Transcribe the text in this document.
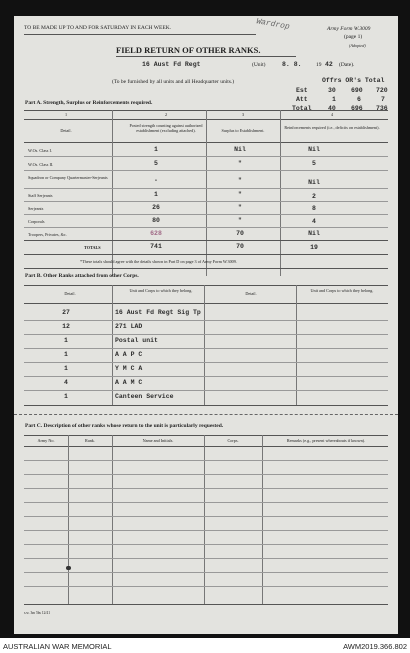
TO BE MADE UP TO AND FOR SATURDAY IN EACH WEEK.	Wardrop	Army Form W.3009
(page 1)
(Adopted)
FIELD RETURN OF OTHER RANKS.
16 Aust Fd Regt	(Unit)	8. 8.	19 42 (Date).
(To be furnished by all units and all Headquarter units.)	Offrs OR's Total
Est	30 690 720
Att	1	6	7
Total	40 696 736
Part A. Strength, Surplus or Reinforcements required.
1	2	3	4
Detail.
Posted strength counting against authorized establishment (excluding attached).	Surplus to Establishment.
Reinforcements required (i.e., deficits on establishment).
W.Os. Class I.	1	Nil	Nil
W.Os. Class II.	5	"	5
Squadron or Company Quartermaster-Serjeants	-	"	Nil
Staff Serjeants	1	"	2
Serjeants	26	"	8
Corporals	80	"	4
Troopers, Privates, &c.	628	70	Nil
TOTALS	741	70	19
*These totals should agree with the details shown in Part D on page 3 of Army Form W.3009.
Part B. Other Ranks attached from other Corps.
Detail.
Unit and Corps to which they belong.
Detail.
Unit and Corps to which they belong.
27	16 Aust Fd Regt Sig Tp
12	271 LAD
1	Postal unit
1	A A P C
1	Y M C A
4	A A M C
1	Canteen Service
Part C. Description of other ranks whose return to the unit is particularly requested.
Army No.	Rank.	Name and Initials.	Corps.	Remarks (e.g., present whereabouts if known).
s.w. 3m 5bs 12/41
AUSTRALIAN WAR MEMORIAL	AWM2019.366.802
